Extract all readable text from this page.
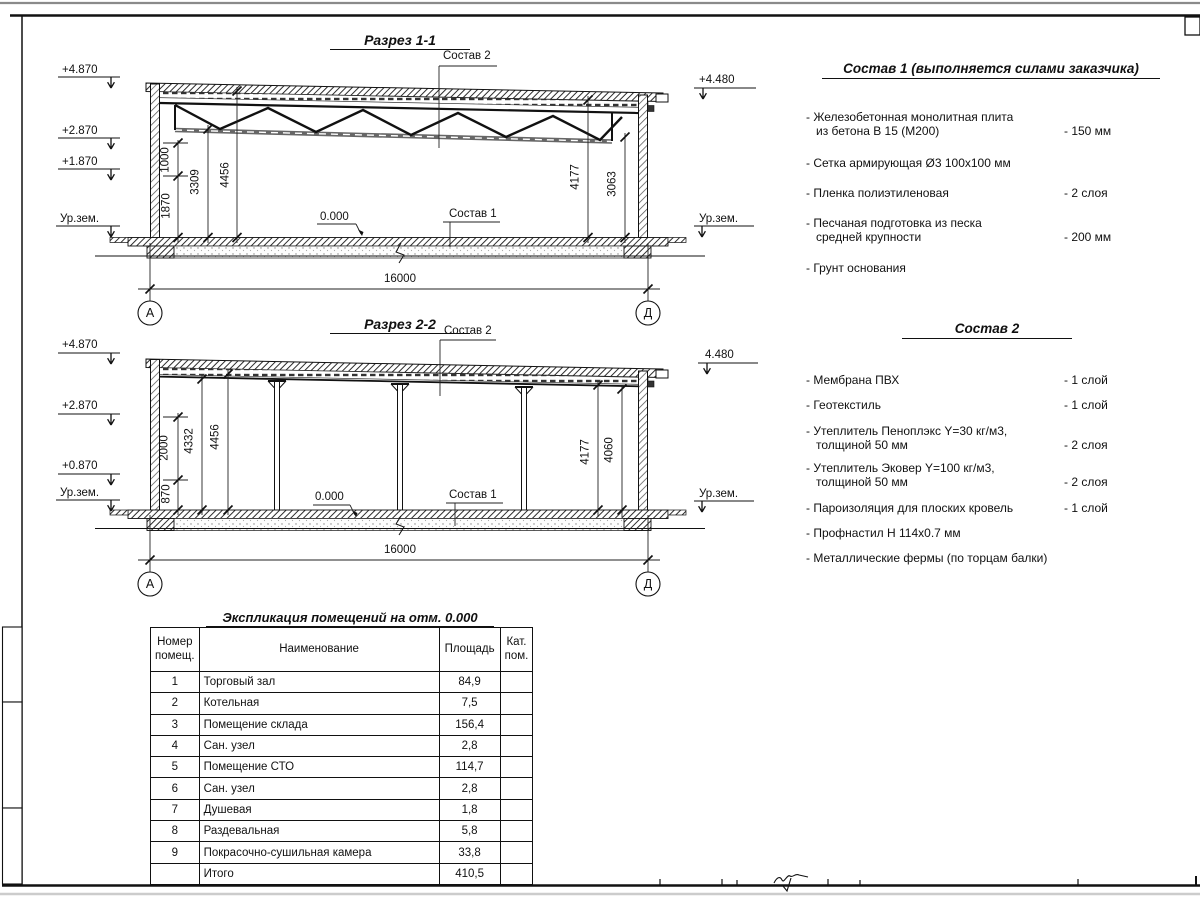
Разрез 1-1
Состав 2
Состав 1
0.000
+4.870
+2.870
+1.870
Ур.зем.
+4.480
Ур.зем.
1000
1870
3309 4456	4177 3063
16000
А	Д
Разрез 2-2 Состав 2
Состав 1
0.000
+4.870
+2.870
+0.870
Ур.зем.
4.480
Ур.зем.
2000
870
4332 4456
4177 4060
16000
А	Д
Состав 1 (выполняется силами заказчика)
- Железобетонная монолитная плита
из бетона В 15 (М200)	- 150 мм
- Сетка армирующая Ø3 100х100 мм
- Пленка полиэтиленовая	- 2 слоя
- Песчаная подготовка из песка
средней крупности	- 200 мм
- Грунт основания
Состав 2
- Мембрана ПВХ	- 1 слой
- Геотекстиль	- 1 слой
- Утеплитель Пеноплэкс Y=30 кг/м3,
толщиной 50 мм	- 2 слоя
- Утеплитель Эковер Y=100 кг/м3,
толщиной 50 мм	- 2 слоя
- Пароизоляция для плоских кровель	- 1 слой
- Профнастил Н 114х0.7 мм
- Металлические фермы (по торцам балки)
Экспликация помещений на отм. 0.000
Номер помещ.	Наименование	Площадь	Кат. пом.
1	Торговый зал	84,9	
2	Котельная	7,5	
3	Помещение склада	156,4	
4	Сан. узел	2,8	
5	Помещение СТО	114,7	
6	Сан. узел	2,8	
7	Душевая	1,8	
8	Раздевальная	5,8	
9	Покрасочно-сушильная камера	33,8	
	Итого	410,5	
